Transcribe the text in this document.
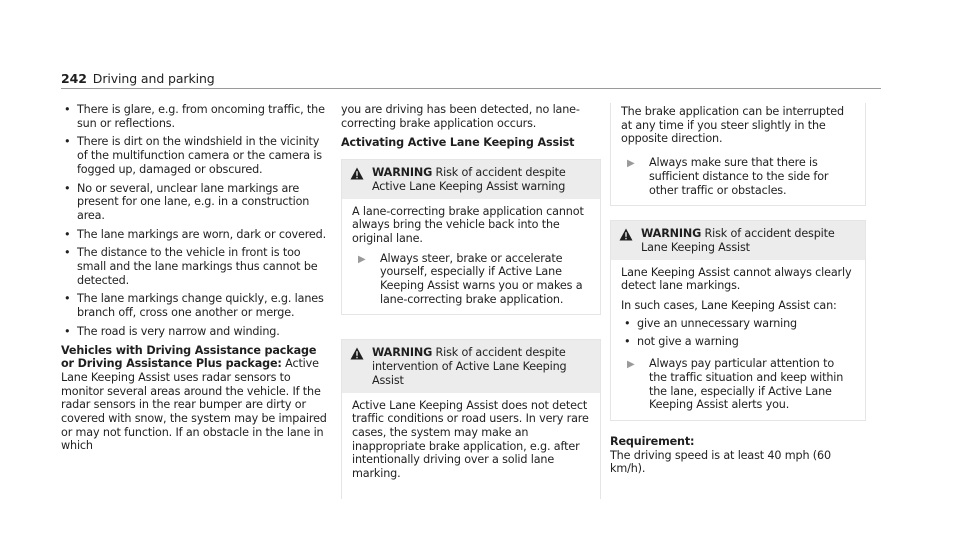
242 Driving and parking
• There is glare, e.g. from oncoming traffic, the sun or reflections.
• There is dirt on the windshield in the vicinity of the multifunction camera or the camera is fogged up, damaged or obscured.
• No or several, unclear lane markings are present for one lane, e.g. in a construction area.
• The lane markings are worn, dark or covered.
• The distance to the vehicle in front is too small and the lane markings thus cannot be detected.
• The lane markings change quickly, e.g. lanes branch off, cross one another or merge.
• The road is very narrow and winding.

Vehicles with Driving Assistance package or Driving Assistance Plus package: Active Lane Keeping Assist uses radar sensors to monitor several areas around the vehicle. If the radar sensors in the rear bumper are dirty or covered with snow, the system may be impaired or may not function. If an obstacle in the lane in which

you are driving has been detected, no lane-correcting brake application occurs.

Activating Active Lane Keeping Assist

WARNING Risk of accident despite Active Lane Keeping Assist warning

A lane-correcting brake application cannot always bring the vehicle back into the original lane.

▶	Always steer, brake or accelerate yourself, especially if Active Lane Keeping Assist warns you or makes a lane-correcting brake application.
WARNING Risk of accident despite intervention of Active Lane Keeping Assist

Active Lane Keeping Assist does not detect traffic conditions or road users. In very rare cases, the system may make an inappropriate brake application, e.g. after intentionally driving over a solid lane marking.

The brake application can be interrupted at any time if you steer slightly in the opposite direction.

▶	Always make sure that there is sufficient distance to the side for other traffic or obstacles.
WARNING Risk of accident despite Lane Keeping Assist

Lane Keeping Assist cannot always clearly detect lane markings.

In such cases, Lane Keeping Assist can:

• give an unnecessary warning
• not give a warning
▶	Always pay particular attention to the traffic situation and keep within the lane, especially if Active Lane Keeping Assist alerts you.

Requirement:

The driving speed is at least 40 mph (60 km/h).
